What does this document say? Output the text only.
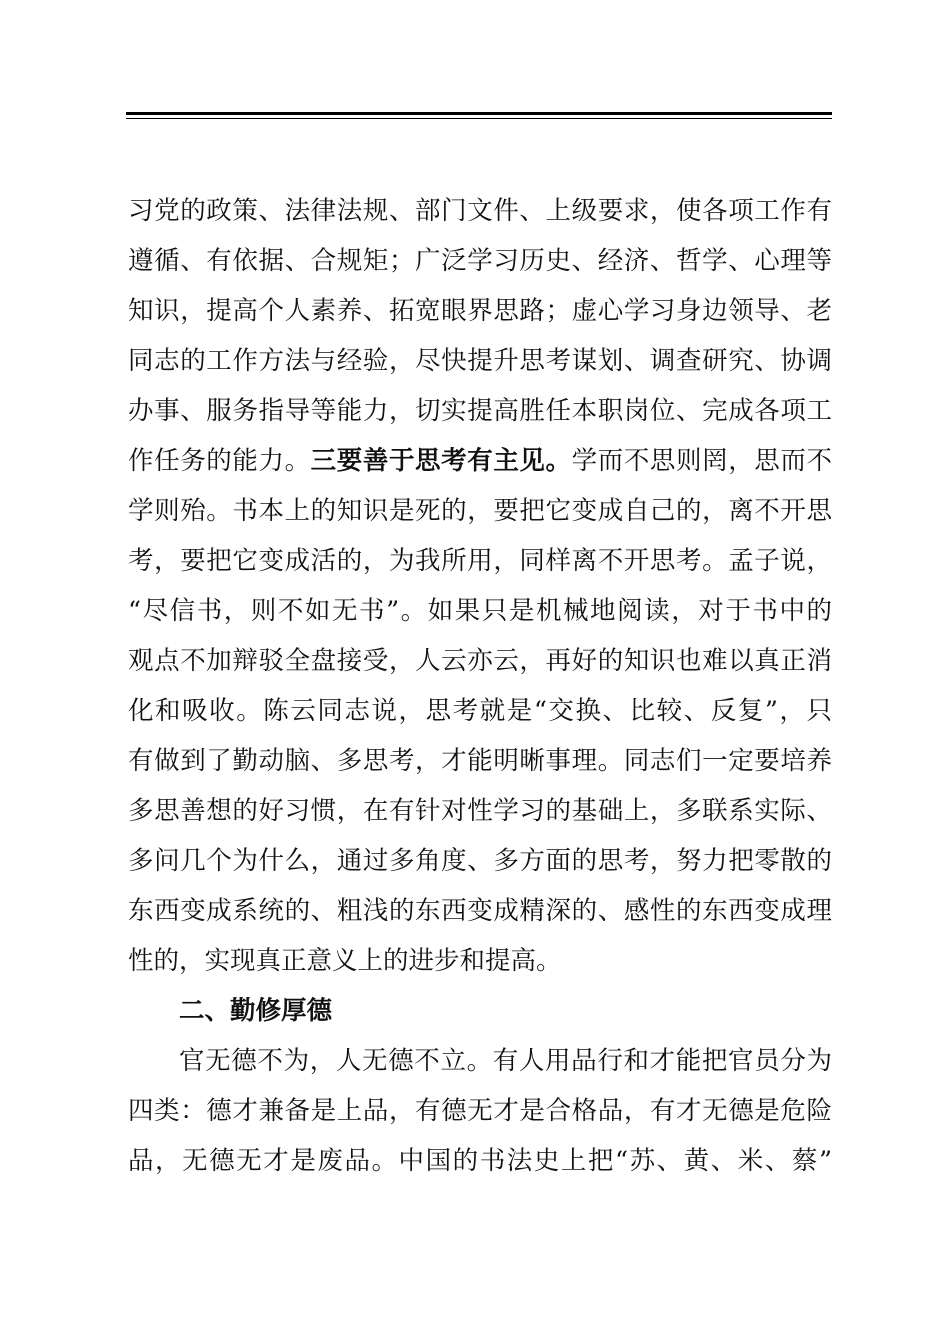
习党的政策、法律法规、部门文件、上级要求，使各项工作有
遵循、有依据、合规矩；广泛学习历史、经济、哲学、心理等
知识，提高个人素养、拓宽眼界思路；虚心学习身边领导、老
同志的工作方法与经验，尽快提升思考谋划、调查研究、协调
办事、服务指导等能力，切实提高胜任本职岗位、完成各项工
作任务的能力。三要善于思考有主见。学而不思则罔，思而不
学则殆。书本上的知识是死的，要把它变成自己的，离不开思
考，要把它变成活的，为我所用，同样离不开思考。孟子说，
“尽信书，则不如无书”。如果只是机械地阅读，对于书中的
观点不加辩驳全盘接受，人云亦云，再好的知识也难以真正消
化和吸收。陈云同志说，思考就是“交换、比较、反复”，只
有做到了勤动脑、多思考，才能明晰事理。同志们一定要培养
多思善想的好习惯，在有针对性学习的基础上，多联系实际、
多问几个为什么，通过多角度、多方面的思考，努力把零散的
东西变成系统的、粗浅的东西变成精深的、感性的东西变成理
性的，实现真正意义上的进步和提高。
二、勤修厚德
官无德不为，人无德不立。有人用品行和才能把官员分为
四类：德才兼备是上品，有德无才是合格品，有才无德是危险
品，无德无才是废品。中国的书法史上把“苏、黄、米、蔡”
